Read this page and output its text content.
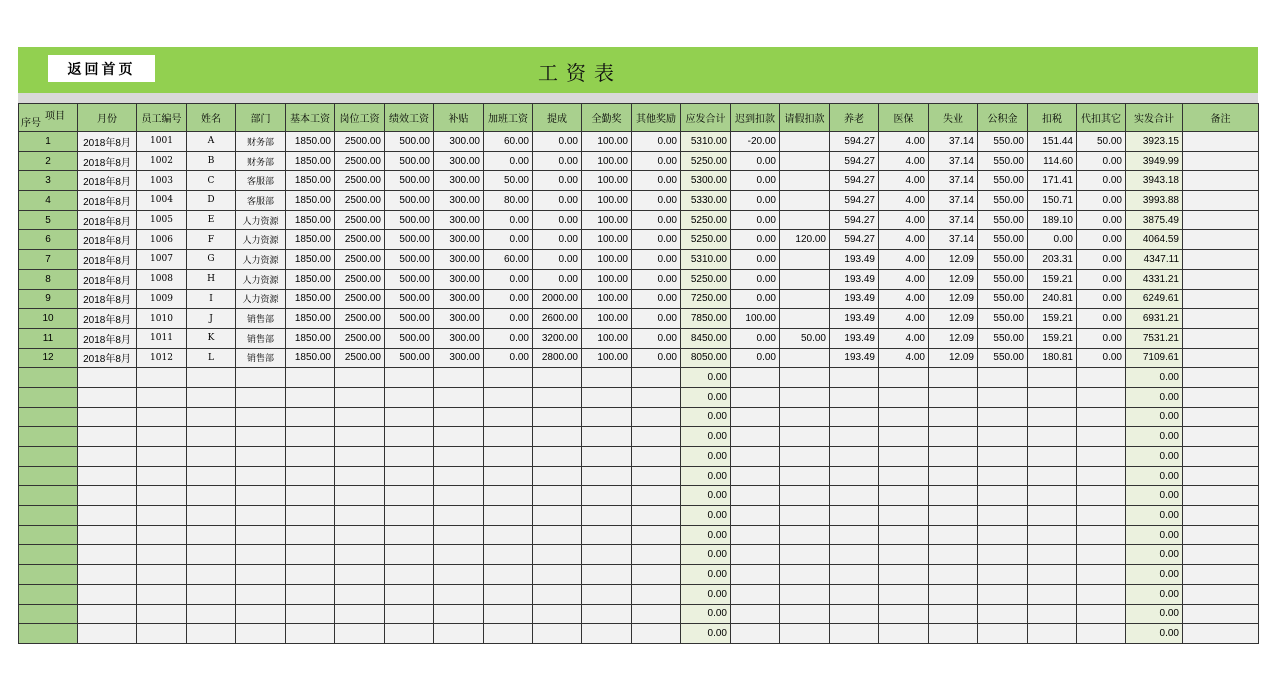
返回首页	工资表
项目
序号	月份	员工编号	姓名	部门	基本工资	岗位工资	绩效工资	补贴	加班工资	提成	全勤奖	其他奖励	应发合计	迟到扣款	请假扣款	养老	医保	失业	公积金	扣税	代扣其它	实发合计	备注
1	2018年8月	1001	A	财务部	1850.00	2500.00	500.00	300.00	60.00	0.00	100.00	0.00	5310.00	-20.00		594.27	4.00	37.14	550.00	151.44	50.00	3923.15	
2	2018年8月	1002	B	财务部	1850.00	2500.00	500.00	300.00	0.00	0.00	100.00	0.00	5250.00	0.00		594.27	4.00	37.14	550.00	114.60	0.00	3949.99	
3	2018年8月	1003	C	客服部	1850.00	2500.00	500.00	300.00	50.00	0.00	100.00	0.00	5300.00	0.00		594.27	4.00	37.14	550.00	171.41	0.00	3943.18	
4	2018年8月	1004	D	客服部	1850.00	2500.00	500.00	300.00	80.00	0.00	100.00	0.00	5330.00	0.00		594.27	4.00	37.14	550.00	150.71	0.00	3993.88	
5	2018年8月	1005	E	人力资源	1850.00	2500.00	500.00	300.00	0.00	0.00	100.00	0.00	5250.00	0.00		594.27	4.00	37.14	550.00	189.10	0.00	3875.49	
6	2018年8月	1006	F	人力资源	1850.00	2500.00	500.00	300.00	0.00	0.00	100.00	0.00	5250.00	0.00	120.00	594.27	4.00	37.14	550.00	0.00	0.00	4064.59	
7	2018年8月	1007	G	人力资源	1850.00	2500.00	500.00	300.00	60.00	0.00	100.00	0.00	5310.00	0.00		193.49	4.00	12.09	550.00	203.31	0.00	4347.11	
8	2018年8月	1008	H	人力资源	1850.00	2500.00	500.00	300.00	0.00	0.00	100.00	0.00	5250.00	0.00		193.49	4.00	12.09	550.00	159.21	0.00	4331.21	
9	2018年8月	1009	I	人力资源	1850.00	2500.00	500.00	300.00	0.00	2000.00	100.00	0.00	7250.00	0.00		193.49	4.00	12.09	550.00	240.81	0.00	6249.61	
10	2018年8月	1010	J	销售部	1850.00	2500.00	500.00	300.00	0.00	2600.00	100.00	0.00	7850.00	100.00		193.49	4.00	12.09	550.00	159.21	0.00	6931.21	
11	2018年8月	1011	K	销售部	1850.00	2500.00	500.00	300.00	0.00	3200.00	100.00	0.00	8450.00	0.00	50.00	193.49	4.00	12.09	550.00	159.21	0.00	7531.21	
12	2018年8月	1012	L	销售部	1850.00	2500.00	500.00	300.00	0.00	2800.00	100.00	0.00	8050.00	0.00		193.49	4.00	12.09	550.00	180.81	0.00	7109.61	
													0.00									0.00	
													0.00									0.00	
													0.00									0.00	
													0.00									0.00	
													0.00									0.00	
													0.00									0.00	
													0.00									0.00	
													0.00									0.00	
													0.00									0.00	
													0.00									0.00	
													0.00									0.00	
													0.00									0.00	
													0.00									0.00	
													0.00									0.00	
